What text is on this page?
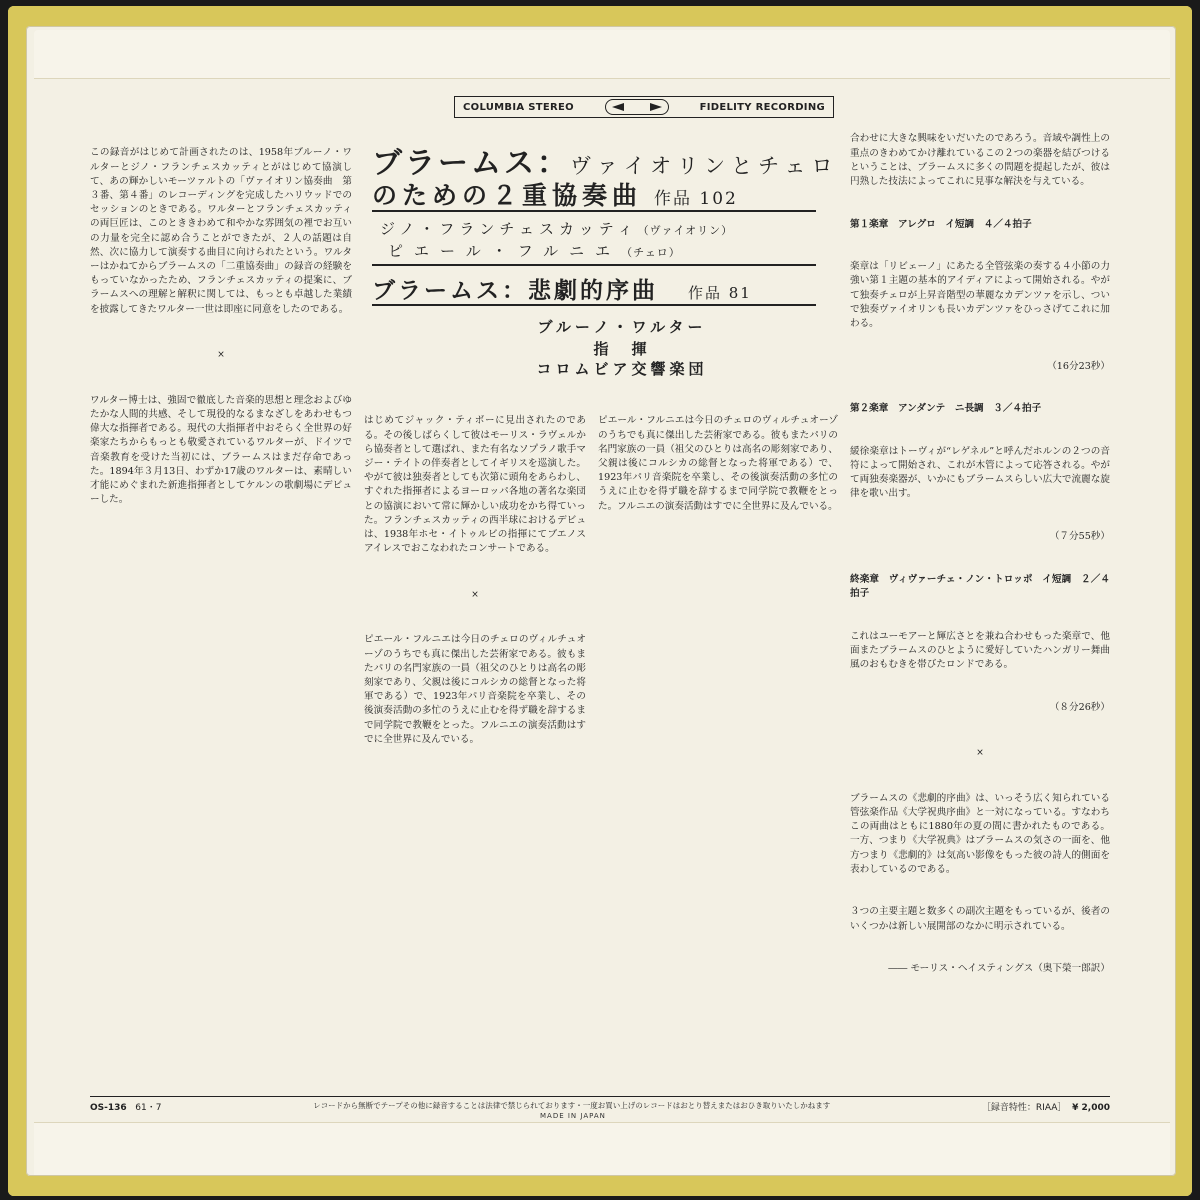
COLUMBIA STEREO	FIDELITY RECORDING
ブラームス：ヴァイオリンとチェロ
のための２重協奏曲 作品 102
ジノ・フランチェスカッティ（ヴァイオリン）
ピエール・フルニエ（チェロ）
ブラームス：悲劇的序曲 作品 81
ブルーノ・ワルター
指　揮
コロムビア交響楽団

この録音がはじめて計画されたのは、1958年ブルーノ・ワルターとジノ・フランチェスカッティとがはじめて協演して、あの輝かしいモーツァルトの「ヴァイオリン協奏曲　第３番、第４番」のレコーディングを完成したハリウッドでのセッションのときである。ワルターとフランチェスカッティの両巨匠は、このとききわめて和やかな雰囲気の裡でお互いの力量を完全に認め合うことができたが、２人の話題は自然、次に協力して演奏する曲目に向けられたという。ワルターはかねてからブラームスの「二重協奏曲」の録音の経験をもっていなかったため、フランチェスカッティの提案に、ブラームスへの理解と解釈に関しては、もっとも卓越した業績を披露してきたワルター一世は即座に同意をしたのである。

×

ワルター博士は、強固で徹底した音楽的思想と理念およびゆたかな人間的共感、そして現役的なるまなざしをあわせもつ偉大な指揮者である。現代の大指揮者中おそらく全世界の好楽家たちからもっとも敬愛されているワルターが、ドイツで音楽教育を受けた当初には、ブラームスはまだ存命であった。1894年３月13日、わずか17歳のワルターは、素晴しい才能にめぐまれた新進指揮者としてケルンの歌劇場にデビューした。

はじめてジャック・ティボーに見出されたのである。その後しばらくして彼はモーリス・ラヴェルから協奏者として選ばれ、また有名なソプラノ歌手マジー・テイトの伴奏者としてイギリスを巡演した。やがて彼は独奏者としても次第に頭角をあらわし、すぐれた指揮者によるヨーロッパ各地の著名な楽団との協演において常に輝かしい成功をかち得ていった。フランチェスカッティの西半球におけるデビュは、1938年ホセ・イトゥルビの指揮にてブエノスアイレスでおこなわれたコンサートである。

×

ピエール・フルニエは今日のチェロのヴィルチュオーゾのうちでも真に傑出した芸術家である。彼もまたパリの名門家族の一員（祖父のひとりは高名の彫刻家であり、父親は後にコルシカの総督となった将軍である）で、1923年パリ音楽院を卒業し、その後演奏活動の多忙のうえに止むを得ず職を辞するまで同学院で教鞭をとった。フルニエの演奏活動はすでに全世界に及んでいる。

ピエール・フルニエは今日のチェロのヴィルチュオーゾのうちでも真に傑出した芸術家である。彼もまたパリの名門家族の一員（祖父のひとりは高名の彫刻家であり、父親は後にコルシカの総督となった将軍である）で、1923年パリ音楽院を卒業し、その後演奏活動の多忙のうえに止むを得ず職を辞するまで同学院で教鞭をとった。フルニエの演奏活動はすでに全世界に及んでいる。

合わせに大きな興味をいだいたのであろう。音域や調性上の重点のきわめてかけ離れているこの２つの楽器を結びつけるということは、ブラームスに多くの問題を提起したが、彼は円熟した技法によってこれに見事な解決を与えている。

第１楽章　アレグロ　イ短調　４／４拍子

楽章は「リビェーノ」にあたる全管弦楽の奏する４小節の力強い第１主題の基本的アイディアによって開始される。やがて独奏チェロが上昇音階型の華麗なカデンツァを示し、ついで独奏ヴァイオリンも長いカデンツァをひっさげてこれに加わる。

（16分23秒）

第２楽章　アンダンテ　ニ長調　３／４拍子

緩徐楽章はトーヴィが“レゲネル”と呼んだホルンの２つの音符によって開始され、これが木管によって応答される。やがて両独奏楽器が、いかにもブラームスらしい広大で流麗な旋律を歌い出す。

（７分55秒）

終楽章　ヴィヴァーチェ・ノン・トロッポ　イ短調　２／４拍子

これはユーモアーと輝広さとを兼ね合わせもった楽章で、他面またブラームスのひとように愛好していたハンガリー舞曲風のおもむきを帯びたロンドである。

（８分26秒）

×

ブラームスの《悲劇的序曲》は、いっそう広く知られている管弦楽作品《大学祝典序曲》と一対になっている。すなわちこの両曲はともに1880年の夏の間に書かれたものである。一方、つまり《大学祝典》はブラームスの気さの一面を、他方つまり《悲劇的》は気高い影像をもった彼の詩人的側面を表わしているのである。

３つの主要主題と数多くの副次主題をもっているが、後者のいくつかは新しい展開部のなかに明示されている。

―― モーリス・ヘイスティングス（奥下榮一郎訳）

OS-136 61・7	レコードから無断でテープその他に録音することは法律で禁じられております・一度お買い上げのレコードはおとり替えまたはおひき取りいたしかねます	［録音特性：RIAA］ ¥ 2,000
MADE IN JAPAN
